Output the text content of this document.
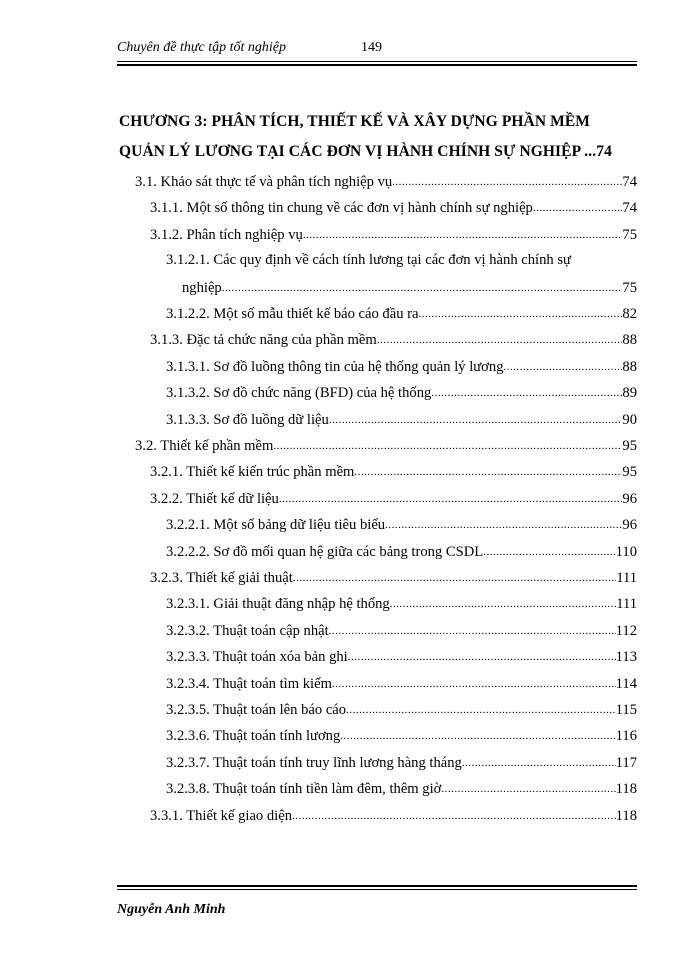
Chuyên đề thực tập tốt nghiệp	149
CHƯƠNG 3: PHÂN TÍCH, THIẾT KẾ VÀ XÂY DỰNG PHẦN MỀM
QUẢN LÝ LƯƠNG TẠI CÁC ĐƠN VỊ HÀNH CHÍNH SỰ NGHIỆP ...74
3.1. Khảo sát thực tế và phân tích nghiệp vụ .....	74
3.1.1. Một số thông tin chung về các đơn vị hành chính sự nghiệp .....	74
3.1.2. Phân tích nghiệp vụ .....	75
3.1.2.1. Các quy định về cách tính lương tại các đơn vị hành chính sự
nghiệp .....	75
3.1.2.2. Một số mẫu thiết kế báo cáo đầu ra .....	82
3.1.3. Đặc tả chức năng của phần mềm .....	88
3.1.3.1. Sơ đồ luồng thông tin của hệ thống quản lý lương .....	88
3.1.3.2. Sơ đồ chức năng (BFD) của hệ thống .....	89
3.1.3.3. Sơ đồ luồng dữ liệu .....	90
3.2. Thiết kế phần mềm .....	95
3.2.1. Thiết kế kiến trúc phần mềm .....	95
3.2.2. Thiết kế dữ liệu .....	96
3.2.2.1. Một số bảng dữ liệu tiêu biểu .....	96
3.2.2.2. Sơ đồ mối quan hệ giữa các bảng trong CSDL .....	110
3.2.3. Thiết kế giải thuật .....	111
3.2.3.1. Giải thuật đăng nhập hệ thống .....	111
3.2.3.2. Thuật toán cập nhật .....	112
3.2.3.3. Thuật toán xóa bản ghi .....	113
3.2.3.4. Thuật toán tìm kiếm .....	114
3.2.3.5. Thuật toán lên báo cáo .....	115
3.2.3.6. Thuật toán tính lương .....	116
3.2.3.7. Thuật toán tính truy lĩnh lương hàng tháng .....	117
3.2.3.8. Thuật toán tính tiền làm đêm, thêm giờ .....	118
3.3.1. Thiết kế giao diện .....	118
Nguyễn Anh Minh
